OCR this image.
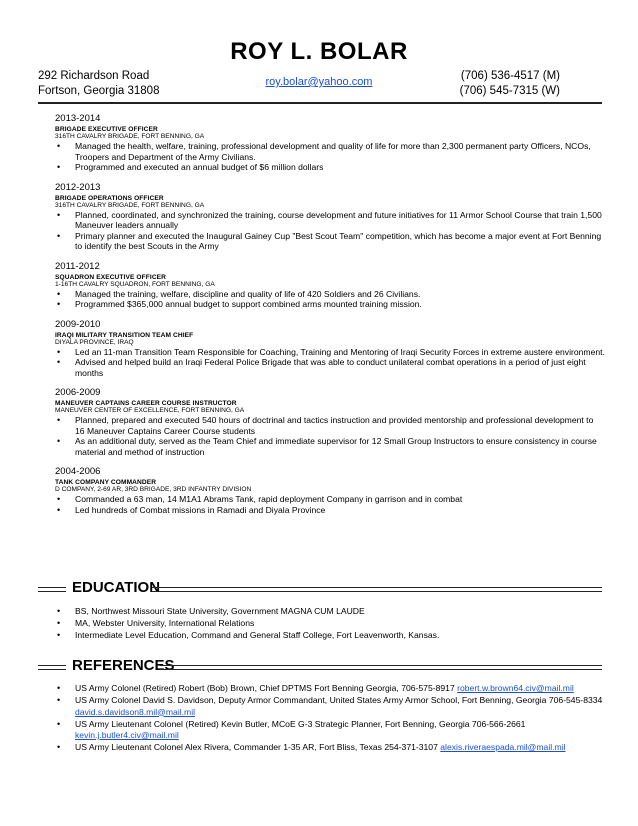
ROY L. BOLAR
292 Richardson Road
Fortson, Georgia 31808
roy.bolar@yahoo.com	(706) 536-4517 (M)
(706) 545-7315 (W)
2013-2014
BRIGADE EXECUTIVE OFFICER
316TH CAVALRY BRIGADE, FORT BENNING, GA
• Managed the health, welfare, training, professional development and quality of life for more than 2,300 permanent party Officers, NCOs, Troopers and Department of the Army Civilians.
• Programmed and executed an annual budget of $6 million dollars
2012-2013
BRIGADE OPERATIONS OFFICER
316TH CAVALRY BRIGADE, FORT BENNING, GA
• Planned, coordinated, and synchronized the training, course development and future initiatives for 11 Armor School Course that train 1,500 Maneuver leaders annually
• Primary planner and executed the Inaugural Gainey Cup "Best Scout Team" competition, which has become a major event at Fort Benning to identify the best Scouts in the Army
2011-2012
SQUADRON EXECUTIVE OFFICER
1-16TH CAVALRY SQUADRON, FORT BENNING, GA
• Managed the training, welfare, discipline and quality of life of 420 Soldiers and 26 Civilians.
• Programmed $365,000 annual budget to support combined arms mounted training mission.
2009-2010
IRAQI MILITARY TRANSITION TEAM CHIEF
DIYALA PROVINCE, IRAQ
• Led an 11-man Transition Team Responsible for Coaching, Training and Mentoring of Iraqi Security Forces in extreme austere environment.
• Advised and helped build an Iraqi Federal Police Brigade that was able to conduct unilateral combat operations in a period of just eight months
2006-2009
MANEUVER CAPTAINS CAREER COURSE INSTRUCTOR
MANEUVER CENTER OF EXCELLENCE, FORT BENNING, GA
• Planned, prepared and executed 540 hours of doctrinal and tactics instruction and provided mentorship and professional development to 16 Maneuver Captains Career Course students
• As an additional duty, served as the Team Chief and immediate supervisor for 12 Small Group Instructors to ensure consistency in course material and method of instruction
2004-2006
TANK COMPANY COMMANDER
D COMPANY, 2-69 AR, 3RD BRIGADE, 3RD INFANTRY DIVISION
• Commanded a 63 man, 14 M1A1 Abrams Tank, rapid deployment Company in garrison and in combat
• Led hundreds of Combat missions in Ramadi and Diyala Province
EDUCATION
• BS, Northwest Missouri State University, Government MAGNA CUM LAUDE
• MA, Webster University, International Relations
• Intermediate Level Education, Command and General Staff College, Fort Leavenworth, Kansas.
REFERENCES
• US Army Colonel (Retired) Robert (Bob) Brown, Chief DPTMS Fort Benning Georgia, 706-575-8917 robert.w.brown64.civ@mail.mil
• US Army Colonel David S. Davidson, Deputy Armor Commandant, United States Army Armor School, Fort Benning, Georgia 706-545-8334 david.s.davidson8.mil@mail.mil
• US Army Lieutenant Colonel (Retired) Kevin Butler, MCoE G-3 Strategic Planner, Fort Benning, Georgia 706-566-2661 kevin.j.butler4.civ@mail.mil
• US Army Lieutenant Colonel Alex Rivera, Commander 1-35 AR, Fort Bliss, Texas 254-371-3107 alexis.riveraespada.mil@mail.mil
